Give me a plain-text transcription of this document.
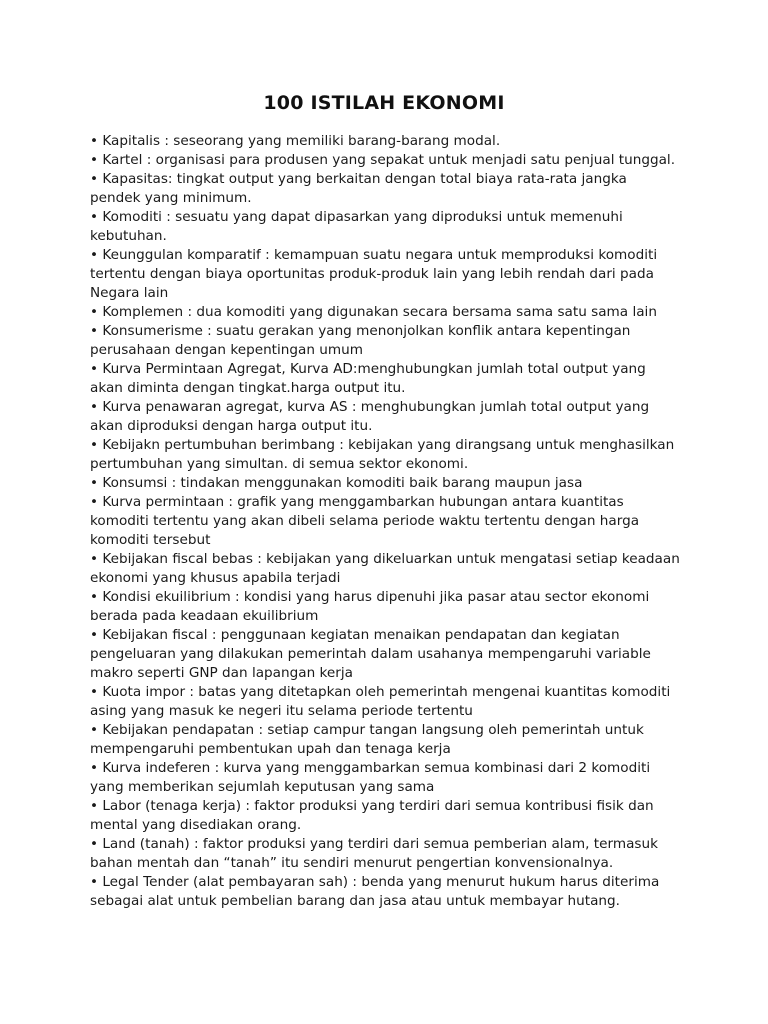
100 ISTILAH EKONOMI
• Kapitalis : seseorang yang memiliki barang-barang modal.
• Kartel : organisasi para produsen yang sepakat untuk menjadi satu penjual tunggal.
• Kapasitas: tingkat output yang berkaitan dengan total biaya rata-rata jangka pendek yang minimum.
• Komoditi : sesuatu yang dapat dipasarkan yang diproduksi untuk memenuhi kebutuhan.
• Keunggulan komparatif : kemampuan suatu negara untuk memproduksi komoditi tertentu dengan biaya oportunitas produk-produk lain yang lebih rendah dari pada Negara lain
• Komplemen : dua komoditi yang digunakan secara bersama sama satu sama lain
• Konsumerisme : suatu gerakan yang menonjolkan konflik antara kepentingan perusahaan dengan kepentingan umum
• Kurva Permintaan Agregat, Kurva AD:menghubungkan jumlah total output yang akan diminta dengan tingkat.harga output itu.
• Kurva penawaran agregat, kurva AS : menghubungkan jumlah total output yang akan diproduksi dengan harga output itu.
• Kebijakn pertumbuhan berimbang : kebijakan yang dirangsang untuk menghasilkan pertumbuhan yang simultan. di semua sektor ekonomi.
• Konsumsi : tindakan menggunakan komoditi baik barang maupun jasa
• Kurva permintaan : grafik yang menggambarkan hubungan antara kuantitas komoditi tertentu yang akan dibeli selama periode waktu tertentu dengan harga komoditi tersebut
• Kebijakan fiscal bebas : kebijakan yang dikeluarkan untuk mengatasi setiap keadaan ekonomi yang khusus apabila terjadi
• Kondisi ekuilibrium : kondisi yang harus dipenuhi jika pasar atau sector ekonomi berada pada keadaan ekuilibrium
• Kebijakan fiscal : penggunaan kegiatan menaikan pendapatan dan kegiatan pengeluaran yang dilakukan pemerintah dalam usahanya mempengaruhi variable makro seperti GNP dan lapangan kerja
• Kuota impor : batas yang ditetapkan oleh pemerintah mengenai kuantitas komoditi asing yang masuk ke negeri itu selama periode tertentu
• Kebijakan pendapatan : setiap campur tangan langsung oleh pemerintah untuk mempengaruhi pembentukan upah dan tenaga kerja
• Kurva indeferen : kurva yang menggambarkan semua kombinasi dari 2 komoditi yang memberikan sejumlah keputusan yang sama
• Labor (tenaga kerja) : faktor produksi yang terdiri dari semua kontribusi fisik dan mental yang disediakan orang.
• Land (tanah) : faktor produksi yang terdiri dari semua pemberian alam, termasuk bahan mentah dan “tanah” itu sendiri menurut pengertian konvensionalnya.
• Legal Tender (alat pembayaran sah) : benda yang menurut hukum harus diterima sebagai alat untuk pembelian barang dan jasa atau untuk membayar hutang.
